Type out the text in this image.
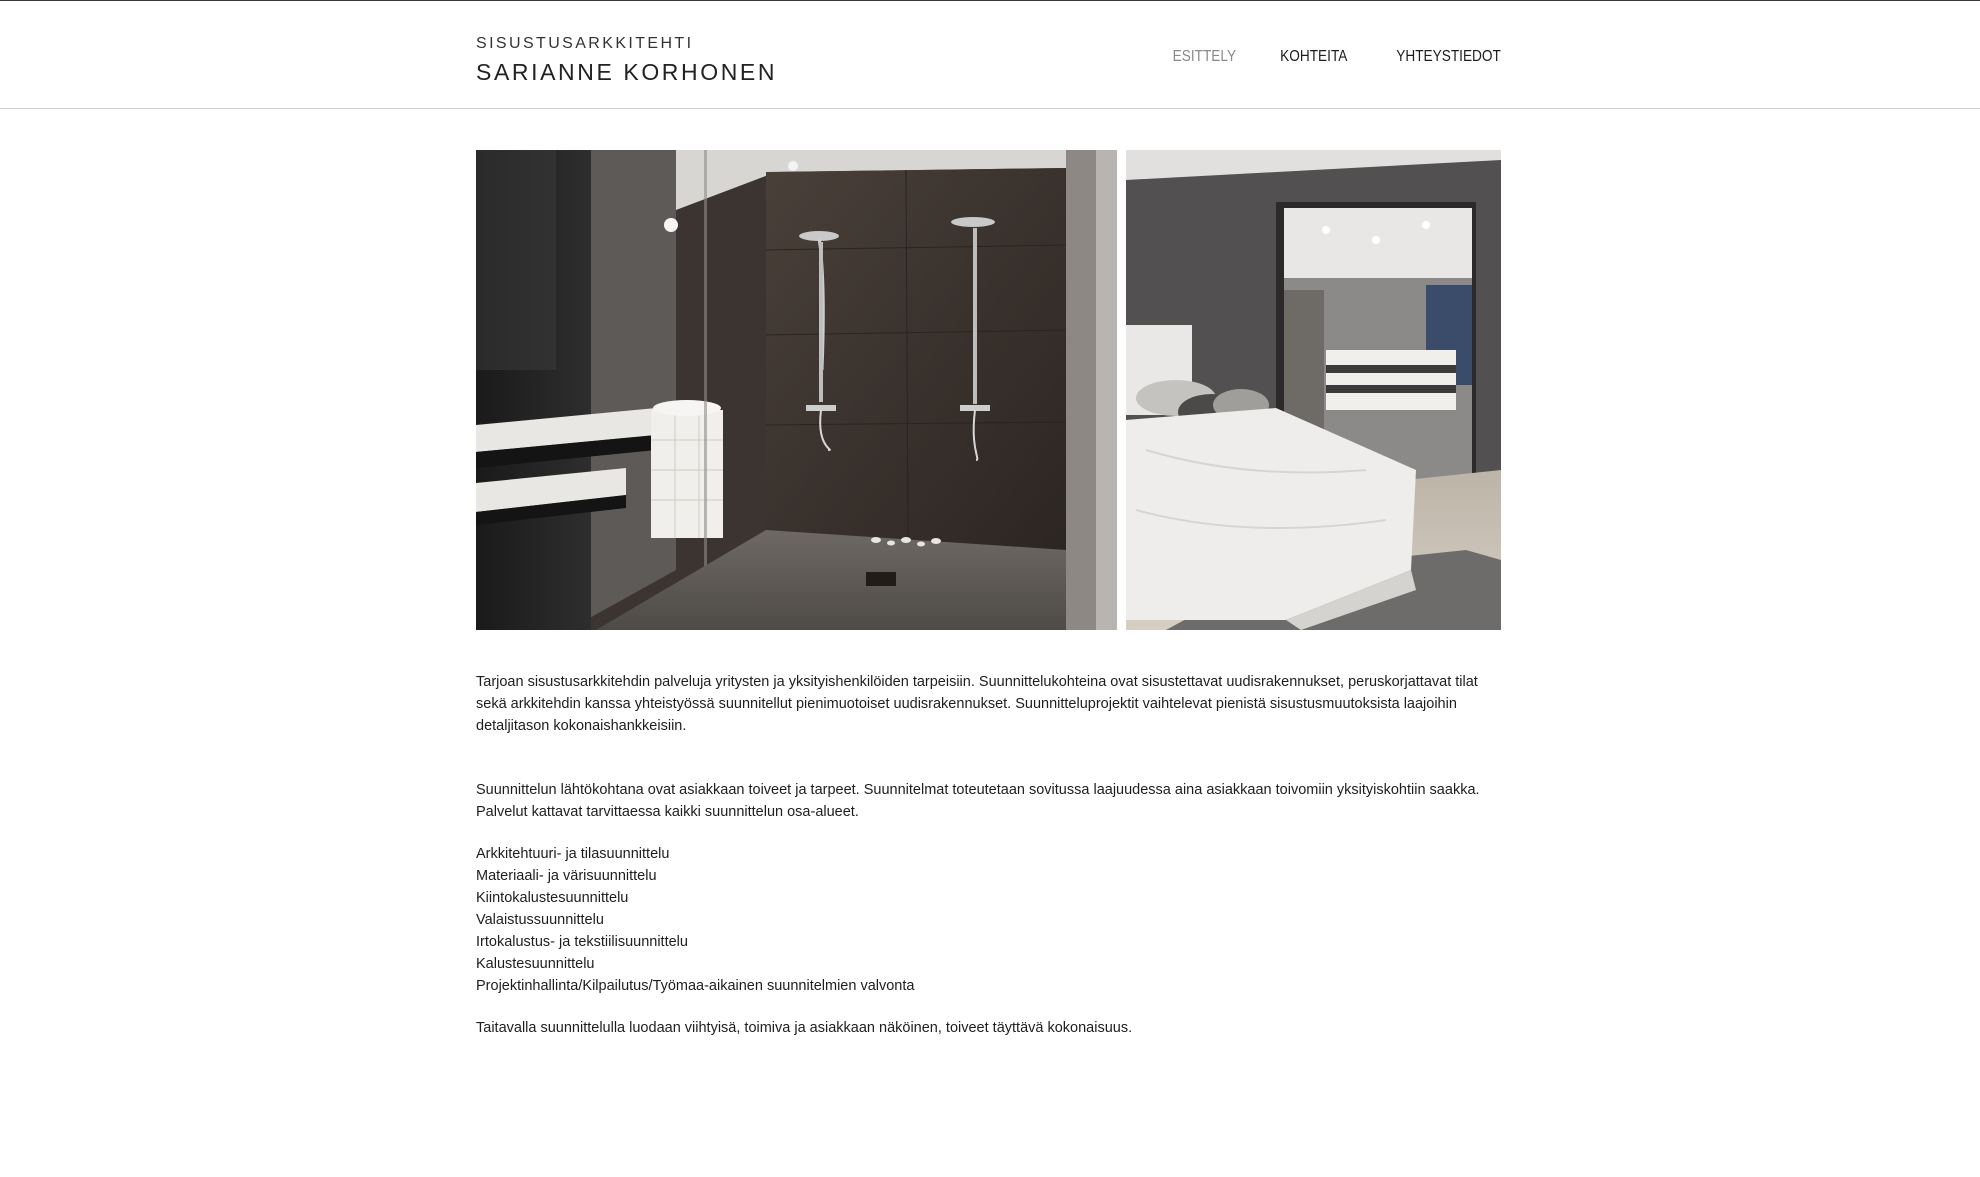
SISUSTUSARKKITEHTI
SARIANNE KORHONEN
ESITTELY	KOHTEITA	YHTEYSTIEDOT

Tarjoan sisustusarkkitehdin palveluja yritysten ja yksityishenkilöiden tarpeisiin. Suunnittelukohteina ovat sisustettavat uudisrakennukset, peruskorjattavat tilat sekä arkkitehdin kanssa yhteistyössä suunnitellut pienimuotoiset uudisrakennukset. Suunnitteluprojektit vaihtelevat pienistä sisustusmuutoksista laajoihin detaljitason kokonaishankkeisiin.

Suunnittelun lähtökohtana ovat asiakkaan toiveet ja tarpeet. Suunnitelmat toteutetaan sovitussa laajuudessa aina asiakkaan toivomiin yksityiskohtiin saakka. Palvelut kattavat tarvittaessa kaikki suunnittelun osa-alueet.

Arkkitehtuuri- ja tilasuunnittelu
Materiaali- ja värisuunnittelu
Kiintokalustesuunnittelu
Valaistussuunnittelu
Irtokalustus- ja tekstiilisuunnittelu
Kalustesuunnittelu
Projektinhallinta/Kilpailutus/Työmaa-aikainen suunnitelmien valvonta

Taitavalla suunnittelulla luodaan viihtyisä, toimiva ja asiakkaan näköinen, toiveet täyttävä kokonaisuus.
